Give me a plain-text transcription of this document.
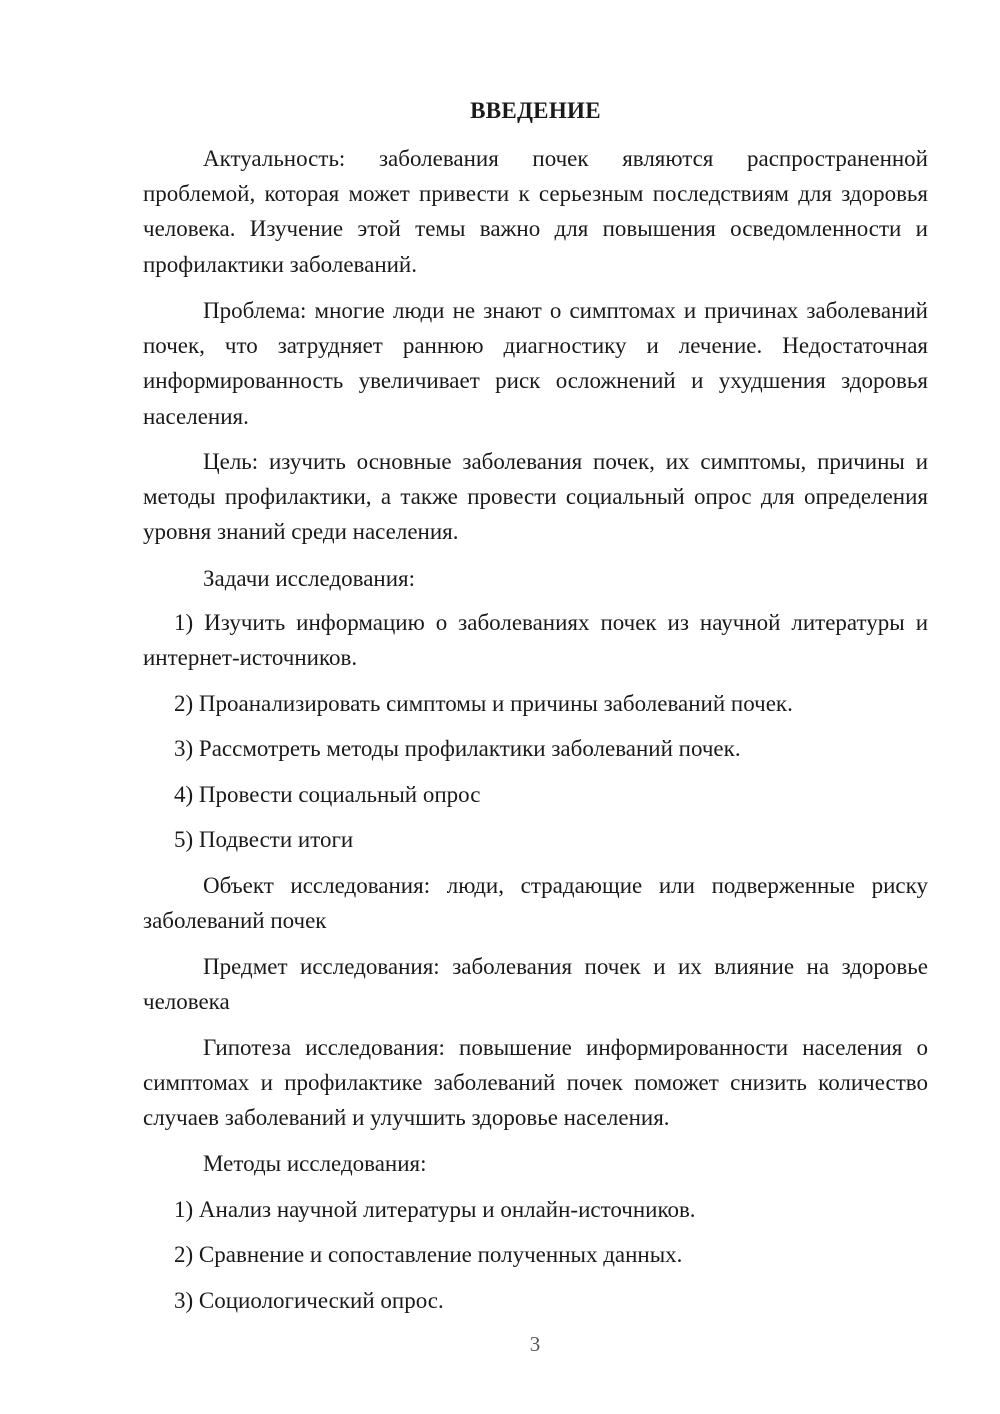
ВВЕДЕНИЕ

Актуальность: заболевания почек являются распространенной проблемой, которая может привести к серьезным последствиям для здоровья человека. Изучение этой темы важно для повышения осведомленности и профилактики заболеваний.

Проблема: многие люди не знают о симптомах и причинах заболеваний почек, что затрудняет раннюю диагностику и лечение. Недостаточная информированность увеличивает риск осложнений и ухудшения здоровья населения.

Цель: изучить основные заболевания почек, их симптомы, причины и методы профилактики, а также провести социальный опрос для определения уровня знаний среди населения.

Задачи исследования:

1) Изучить информацию о заболеваниях почек из научной литературы и интернет-источников.

2) Проанализировать симптомы и причины заболеваний почек.

3) Рассмотреть методы профилактики заболеваний почек.

4) Провести социальный опрос

5) Подвести итоги

Объект исследования: люди, страдающие или подверженные риску заболеваний почек

Предмет исследования: заболевания почек и их влияние на здоровье человека

Гипотеза исследования: повышение информированности населения о симптомах и профилактике заболеваний почек поможет снизить количество случаев заболеваний и улучшить здоровье населения.

Методы исследования:

1) Анализ научной литературы и онлайн-источников.

2) Сравнение и сопоставление полученных данных.

3) Социологический опрос.

3
